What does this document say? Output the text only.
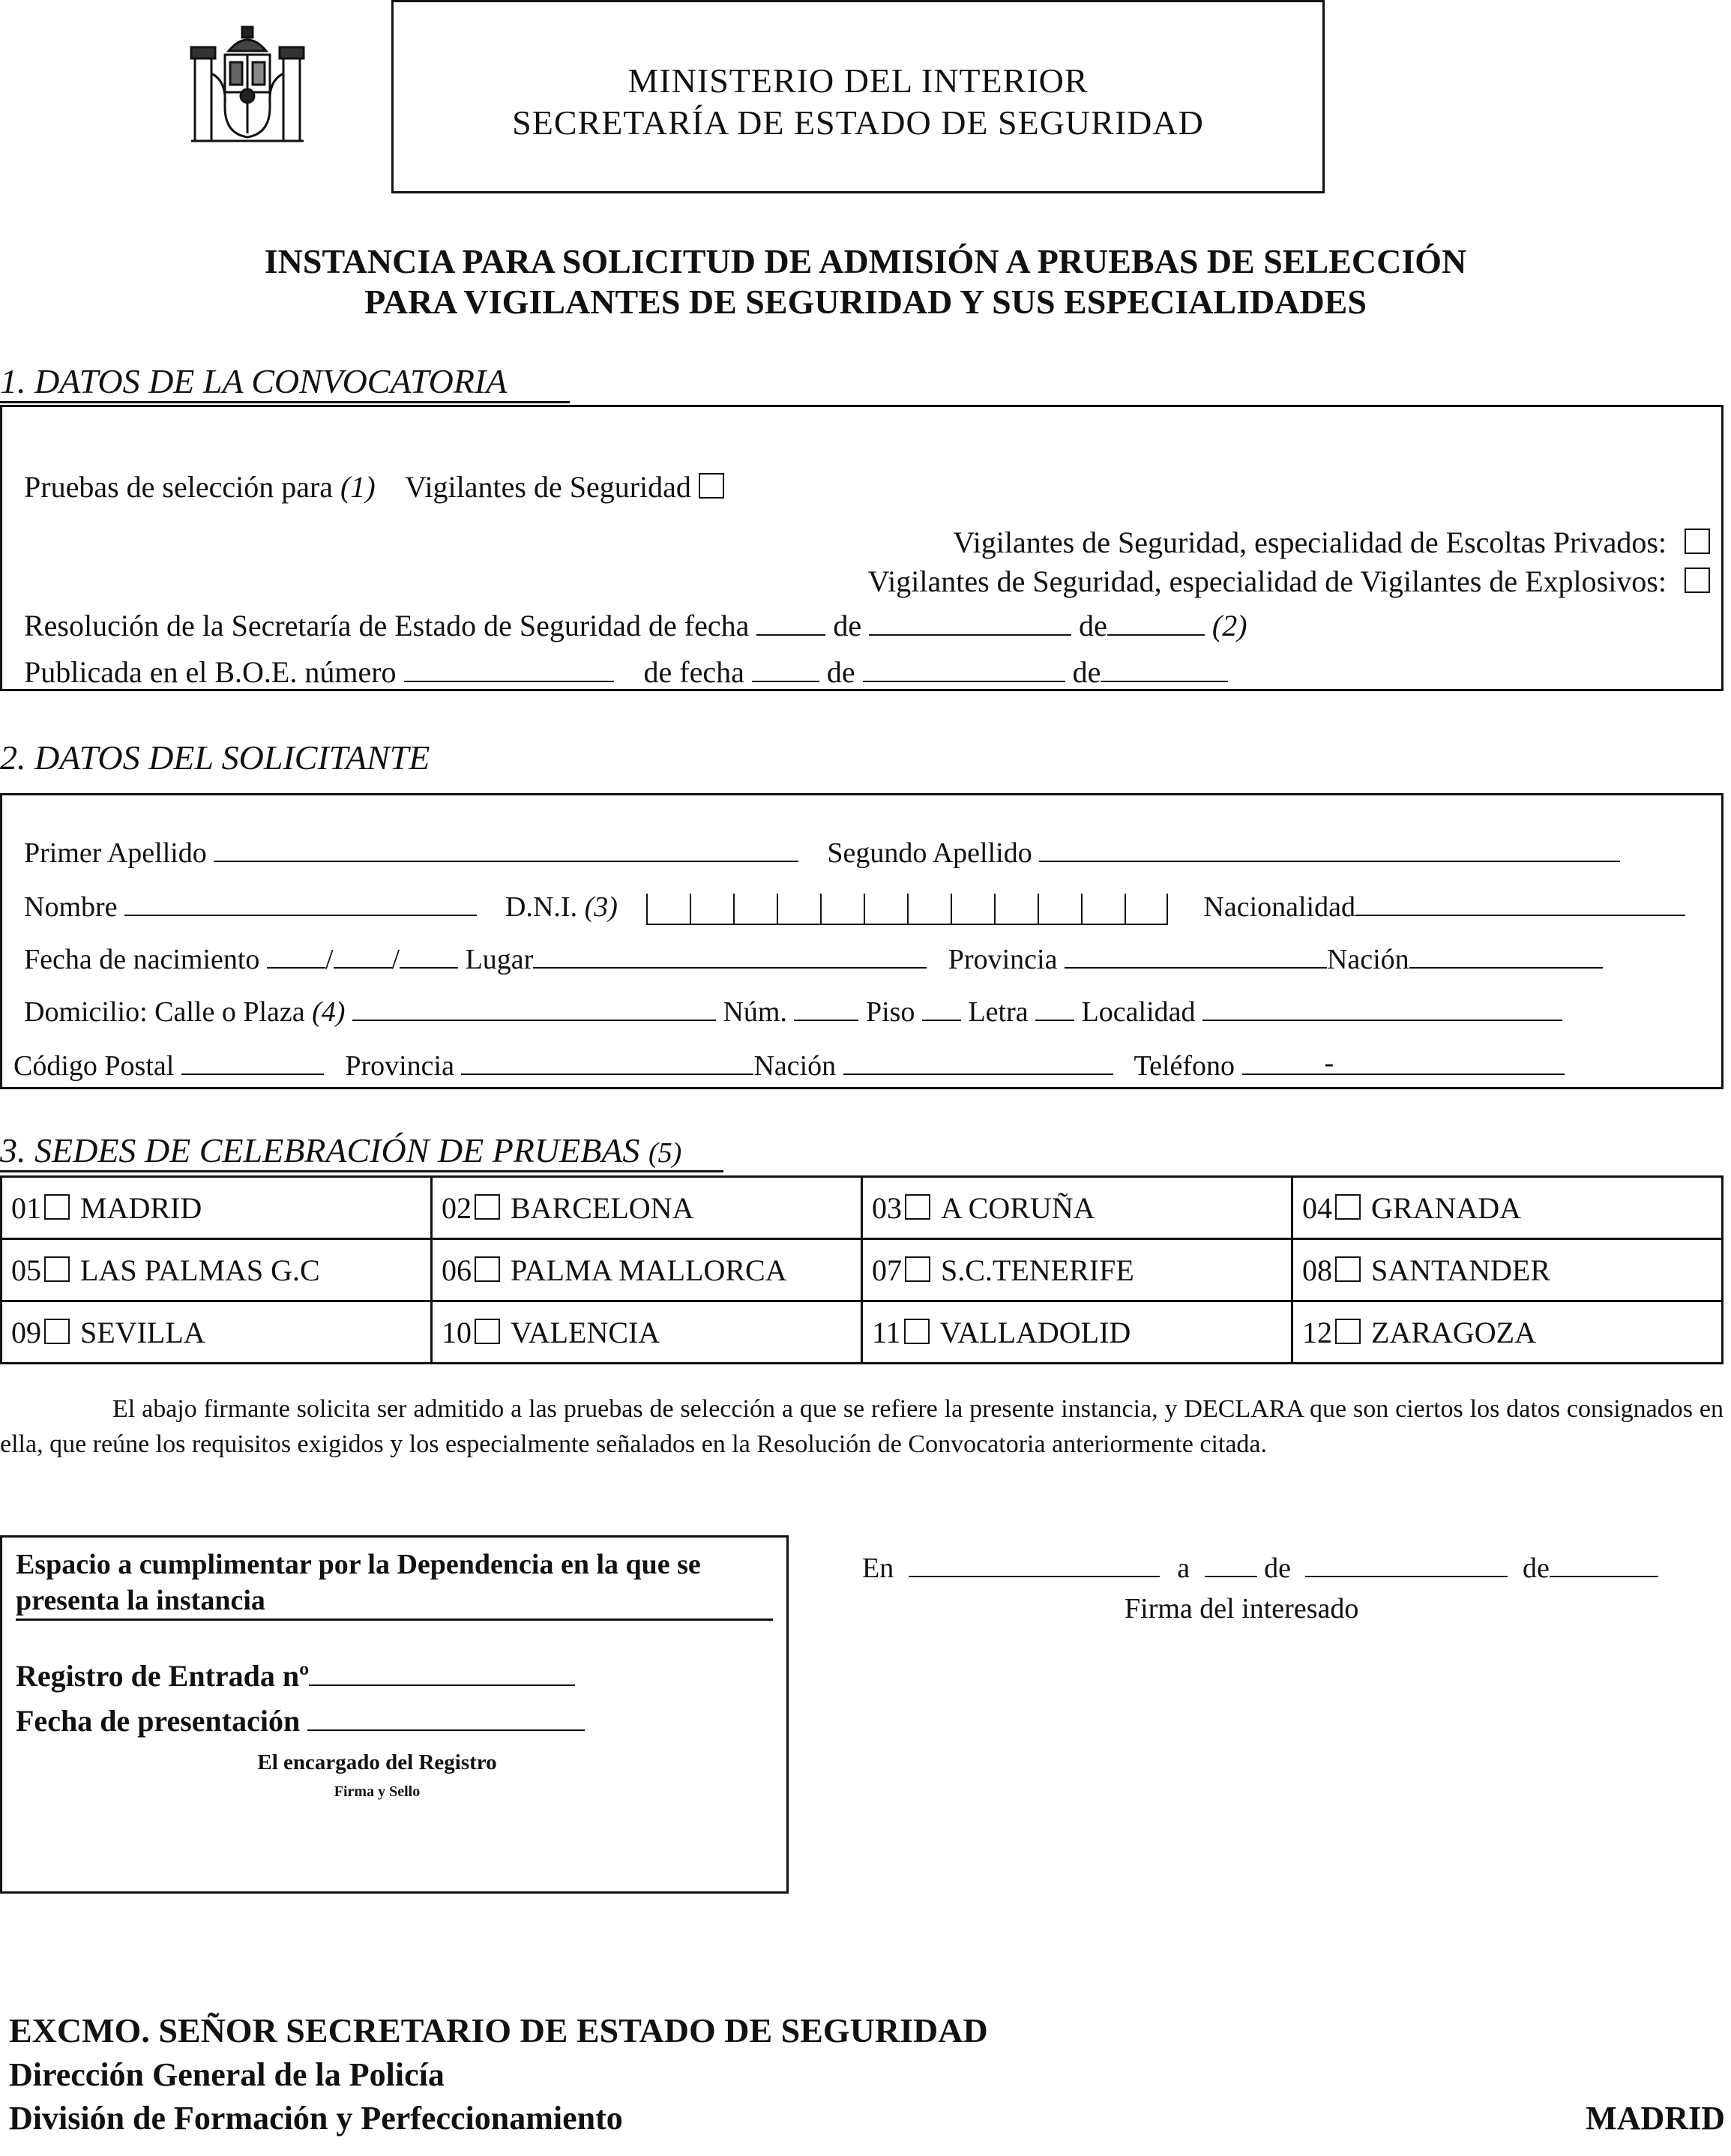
MINISTERIO DEL INTERIOR
SECRETARÍA DE ESTADO DE SEGURIDAD
INSTANCIA PARA SOLICITUD DE ADMISIÓN A PRUEBAS DE SELECCIÓN
PARA VIGILANTES DE SEGURIDAD Y SUS ESPECIALIDADES
1. DATOS DE LA CONVOCATORIA
Pruebas de selección para (1) Vigilantes de Seguridad
Vigilantes de Seguridad, especialidad de Escoltas Privados:
Vigilantes de Seguridad, especialidad de Vigilantes de Explosivos:
Resolución de la Secretaría de Estado de Seguridad de fecha	de	de	(2)
Publicada en el B.O.E. número	de fecha	de	de
2. DATOS DEL SOLICITANTE
Primer Apellido	Segundo Apellido
Nombre	D.N.I. (3)	Nacionalidad
Fecha de nacimiento / / Lugar	Provincia	Nación
Domicilio: Calle o Plaza (4)	Núm.	Piso Letra Localidad
Código Postal	Provincia	Nación	Teléfono	-
3. SEDES DE CELEBRACIÓN DE PRUEBAS (5)
01 MADRID	02 BARCELONA	03 A CORUÑA	04 GRANADA
05 LAS PALMAS G.C	06 PALMA MALLORCA	07 S.C.TENERIFE	08 SANTANDER
09 SEVILLA	10 VALENCIA	11 VALLADOLID	12 ZARAGOZA
El abajo firmante solicita ser admitido a las pruebas de selección a que se refiere la presente instancia, y DECLARA que son ciertos los datos consignados en ella, que reúne los requisitos exigidos y los especialmente señalados en la Resolución de Convocatoria anteriormente citada.
Espacio a cumplimentar por la Dependencia en la que se
presenta la instancia
Registro de Entrada nº
Fecha de presentación
El encargado del Registro
Firma y Sello
En	a	de	de
Firma del interesado
EXCMO. SEÑOR SECRETARIO DE ESTADO DE SEGURIDAD
Dirección General de la Policía
División de Formación y Perfeccionamiento	MADRID
